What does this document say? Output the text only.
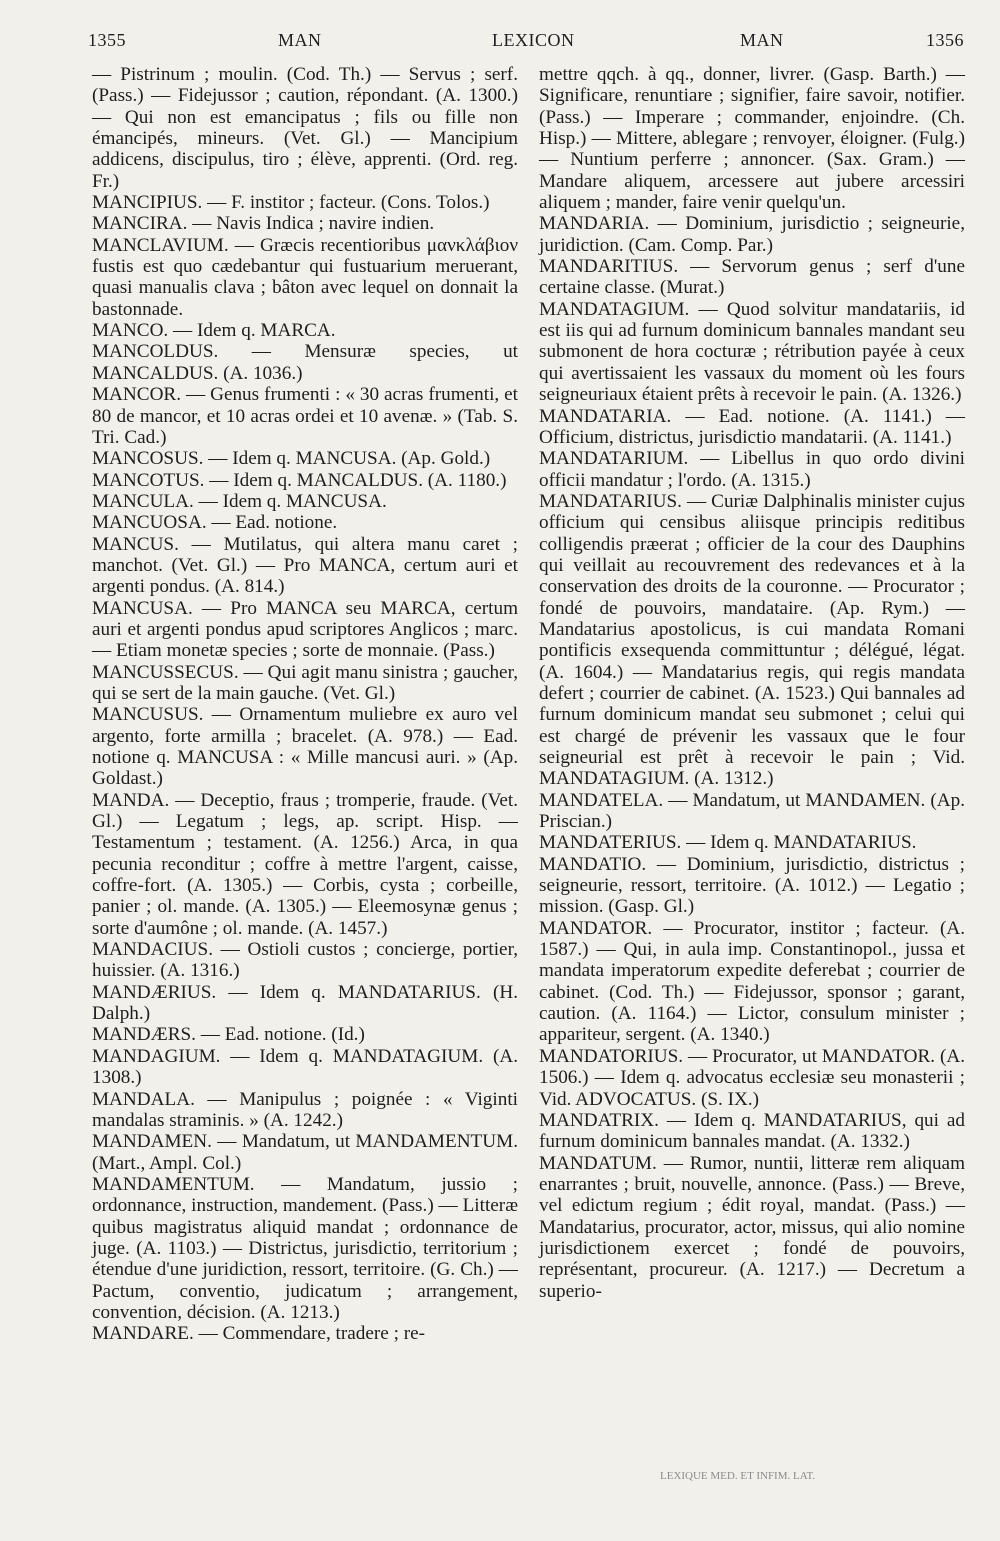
1355	MAN	LEXICON	MAN	1356

— Pistrinum ; moulin. (Cod. Th.) — Servus ; serf. (Pass.) — Fidejussor ; caution, répondant. (A. 1300.) — Qui non est emancipatus ; fils ou fille non émancipés, mineurs. (Vet. Gl.) — Mancipium addicens, discipulus, tiro ; élève, apprenti. (Ord. reg. Fr.)

MANCIPIUS. — F. institor ; facteur. (Cons. Tolos.)

MANCIRA. — Navis Indica ; navire indien.

MANCLAVIUM. — Græcis recentioribus μανκλάβιον fustis est quo cædebantur qui fustuarium meruerant, quasi manualis clava ; bâton avec lequel on donnait la bastonnade.

MANCO. — Idem q. MARCA.

MANCOLDUS. — Mensuræ species, ut MANCALDUS. (A. 1036.)

MANCOR. — Genus frumenti : « 30 acras frumenti, et 80 de mancor, et 10 acras ordei et 10 avenæ. » (Tab. S. Tri. Cad.)

MANCOSUS. — Idem q. MANCUSA. (Ap. Gold.)

MANCOTUS. — Idem q. MANCALDUS. (A. 1180.)

MANCULA. — Idem q. MANCUSA.

MANCUOSA. — Ead. notione.

MANCUS. — Mutilatus, qui altera manu caret ; manchot. (Vet. Gl.) — Pro MANCA, certum auri et argenti pondus. (A. 814.)

MANCUSA. — Pro MANCA seu MARCA, certum auri et argenti pondus apud scriptores Anglicos ; marc. — Etiam monetæ species ; sorte de monnaie. (Pass.)

MANCUSSECUS. — Qui agit manu sinistra ; gaucher, qui se sert de la main gauche. (Vet. Gl.)

MANCUSUS. — Ornamentum muliebre ex auro vel argento, forte armilla ; bracelet. (A. 978.) — Ead. notione q. MANCUSA : « Mille mancusi auri. » (Ap. Goldast.)

MANDA. — Deceptio, fraus ; tromperie, fraude. (Vet. Gl.) — Legatum ; legs, ap. script. Hisp. — Testamentum ; testament. (A. 1256.) Arca, in qua pecunia reconditur ; coffre à mettre l'argent, caisse, coffre-fort. (A. 1305.) — Corbis, cysta ; corbeille, panier ; ol. mande. (A. 1305.) — Eleemosynæ genus ; sorte d'aumône ; ol. mande. (A. 1457.)

MANDACIUS. — Ostioli custos ; concierge, portier, huissier. (A. 1316.)

MANDÆRIUS. — Idem q. MANDATARIUS. (H. Dalph.)

MANDÆRS. — Ead. notione. (Id.)

MANDAGIUM. — Idem q. MANDATAGIUM. (A. 1308.)

MANDALA. — Manipulus ; poignée : « Viginti mandalas straminis. » (A. 1242.)

MANDAMEN. — Mandatum, ut MANDAMENTUM. (Mart., Ampl. Col.)

MANDAMENTUM. — Mandatum, jussio ; ordonnance, instruction, mandement. (Pass.) — Litteræ quibus magistratus aliquid mandat ; ordonnance de juge. (A. 1103.) — Districtus, jurisdictio, territorium ; étendue d'une juridiction, ressort, territoire. (G. Ch.) — Pactum, conventio, judicatum ; arrangement, convention, décision. (A. 1213.)

MANDARE. — Commendare, tradere ; re-

mettre qqch. à qq., donner, livrer. (Gasp. Barth.) — Significare, renuntiare ; signifier, faire savoir, notifier. (Pass.) — Imperare ; commander, enjoindre. (Ch. Hisp.) — Mittere, ablegare ; renvoyer, éloigner. (Fulg.) — Nuntium perferre ; annoncer. (Sax. Gram.) — Mandare aliquem, arcessere aut jubere arcessiri aliquem ; mander, faire venir quelqu'un.

MANDARIA. — Dominium, jurisdictio ; seigneurie, juridiction. (Cam. Comp. Par.)

MANDARITIUS. — Servorum genus ; serf d'une certaine classe. (Murat.)

MANDATAGIUM. — Quod solvitur mandatariis, id est iis qui ad furnum dominicum bannales mandant seu submonent de hora cocturæ ; rétribution payée à ceux qui avertissaient les vassaux du moment où les fours seigneuriaux étaient prêts à recevoir le pain. (A. 1326.)

MANDATARIA. — Ead. notione. (A. 1141.) — Officium, districtus, jurisdictio mandatarii. (A. 1141.)

MANDATARIUM. — Libellus in quo ordo divini officii mandatur ; l'ordo. (A. 1315.)

MANDATARIUS. — Curiæ Dalphinalis minister cujus officium qui censibus aliisque principis reditibus colligendis præerat ; officier de la cour des Dauphins qui veillait au recouvrement des redevances et à la conservation des droits de la couronne. — Procurator ; fondé de pouvoirs, mandataire. (Ap. Rym.) — Mandatarius apostolicus, is cui mandata Romani pontificis exsequenda committuntur ; délégué, légat. (A. 1604.) — Mandatarius regis, qui regis mandata defert ; courrier de cabinet. (A. 1523.) Qui bannales ad furnum dominicum mandat seu submonet ; celui qui est chargé de prévenir les vassaux que le four seigneurial est prêt à recevoir le pain ; Vid. MANDATAGIUM. (A. 1312.)

MANDATELA. — Mandatum, ut MANDAMEN. (Ap. Priscian.)

MANDATERIUS. — Idem q. MANDATARIUS.

MANDATIO. — Dominium, jurisdictio, districtus ; seigneurie, ressort, territoire. (A. 1012.) — Legatio ; mission. (Gasp. Gl.)

MANDATOR. — Procurator, institor ; facteur. (A. 1587.) — Qui, in aula imp. Constantinopol., jussa et mandata imperatorum expedite deferebat ; courrier de cabinet. (Cod. Th.) — Fidejussor, sponsor ; garant, caution. (A. 1164.) — Lictor, consulum minister ; appariteur, sergent. (A. 1340.)

MANDATORIUS. — Procurator, ut MANDATOR. (A. 1506.) — Idem q. advocatus ecclesiæ seu monasterii ; Vid. ADVOCATUS. (S. IX.)

MANDATRIX. — Idem q. MANDATARIUS, qui ad furnum dominicum bannales mandat. (A. 1332.)

MANDATUM. — Rumor, nuntii, litteræ rem aliquam enarrantes ; bruit, nouvelle, annonce. (Pass.) — Breve, vel edictum regium ; édit royal, mandat. (Pass.) — Mandatarius, procurator, actor, missus, qui alio nomine jurisdictionem exercet ; fondé de pouvoirs, représentant, procureur. (A. 1217.) — Decretum a superio-

LEXIQUE MED. ET INFIM. LAT.
